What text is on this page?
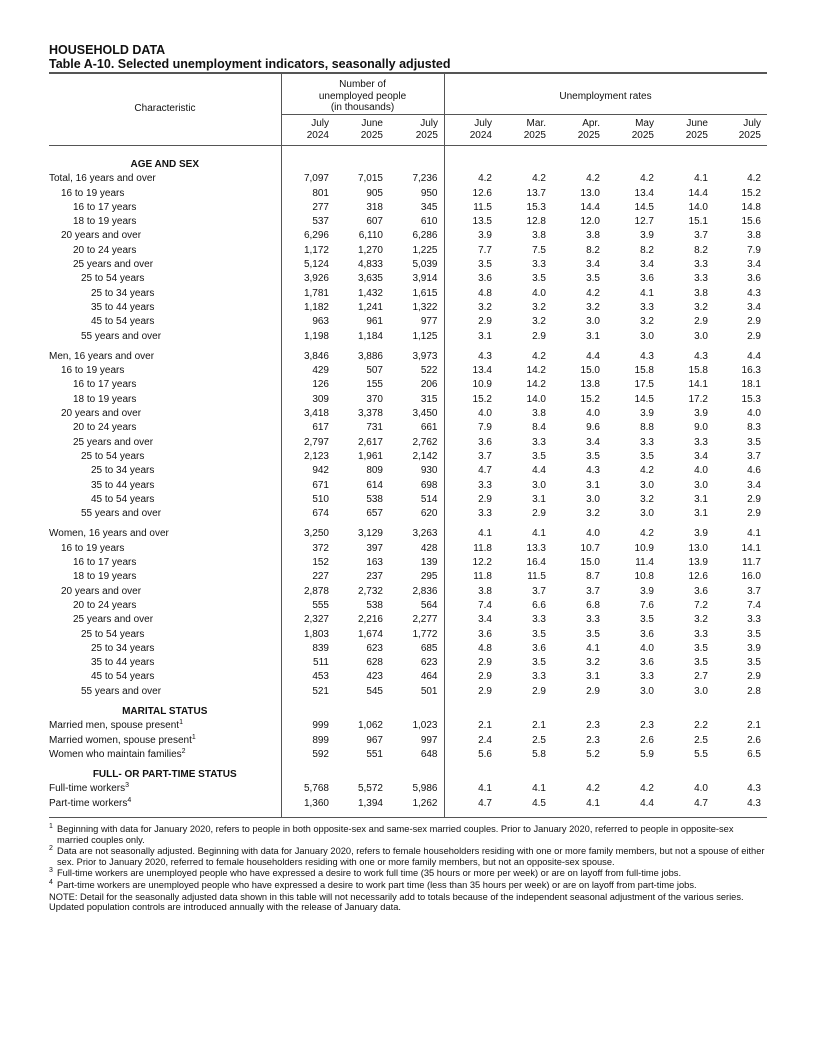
HOUSEHOLD DATA
Table A-10. Selected unemployment indicators, seasonally adjusted
Characteristic
Number of
unemployed people
(in thousands)
Unemployment rates
July
2024
June
2025
July
2025
July
2024
Mar.
2025
Apr.
2025
May
2025
June
2025
July
2025

AGE AND SEX									
Total, 16 years and over	7,097	7,015	7,236	4.2	4.2	4.2	4.2	4.1	4.2
16 to 19 years	801	905	950	12.6	13.7	13.0	13.4	14.4	15.2
16 to 17 years	277	318	345	11.5	15.3	14.4	14.5	14.0	14.8
18 to 19 years	537	607	610	13.5	12.8	12.0	12.7	15.1	15.6
20 years and over	6,296	6,110	6,286	3.9	3.8	3.8	3.9	3.7	3.8
20 to 24 years	1,172	1,270	1,225	7.7	7.5	8.2	8.2	8.2	7.9
25 years and over	5,124	4,833	5,039	3.5	3.3	3.4	3.4	3.3	3.4
25 to 54 years	3,926	3,635	3,914	3.6	3.5	3.5	3.6	3.3	3.6
25 to 34 years	1,781	1,432	1,615	4.8	4.0	4.2	4.1	3.8	4.3
35 to 44 years	1,182	1,241	1,322	3.2	3.2	3.2	3.3	3.2	3.4
45 to 54 years	963	961	977	2.9	3.2	3.0	3.2	2.9	2.9
55 years and over	1,198	1,184	1,125	3.1	2.9	3.1	3.0	3.0	2.9

Men, 16 years and over	3,846	3,886	3,973	4.3	4.2	4.4	4.3	4.3	4.4
16 to 19 years	429	507	522	13.4	14.2	15.0	15.8	15.8	16.3
16 to 17 years	126	155	206	10.9	14.2	13.8	17.5	14.1	18.1
18 to 19 years	309	370	315	15.2	14.0	15.2	14.5	17.2	15.3
20 years and over	3,418	3,378	3,450	4.0	3.8	4.0	3.9	3.9	4.0
20 to 24 years	617	731	661	7.9	8.4	9.6	8.8	9.0	8.3
25 years and over	2,797	2,617	2,762	3.6	3.3	3.4	3.3	3.3	3.5
25 to 54 years	2,123	1,961	2,142	3.7	3.5	3.5	3.5	3.4	3.7
25 to 34 years	942	809	930	4.7	4.4	4.3	4.2	4.0	4.6
35 to 44 years	671	614	698	3.3	3.0	3.1	3.0	3.0	3.4
45 to 54 years	510	538	514	2.9	3.1	3.0	3.2	3.1	2.9
55 years and over	674	657	620	3.3	2.9	3.2	3.0	3.1	2.9

Women, 16 years and over	3,250	3,129	3,263	4.1	4.1	4.0	4.2	3.9	4.1
16 to 19 years	372	397	428	11.8	13.3	10.7	10.9	13.0	14.1
16 to 17 years	152	163	139	12.2	16.4	15.0	11.4	13.9	11.7
18 to 19 years	227	237	295	11.8	11.5	8.7	10.8	12.6	16.0
20 years and over	2,878	2,732	2,836	3.8	3.7	3.7	3.9	3.6	3.7
20 to 24 years	555	538	564	7.4	6.6	6.8	7.6	7.2	7.4
25 years and over	2,327	2,216	2,277	3.4	3.3	3.3	3.5	3.2	3.3
25 to 54 years	1,803	1,674	1,772	3.6	3.5	3.5	3.6	3.3	3.5
25 to 34 years	839	623	685	4.8	3.6	4.1	4.0	3.5	3.9
35 to 44 years	511	628	623	2.9	3.5	3.2	3.6	3.5	3.5
45 to 54 years	453	423	464	2.9	3.3	3.1	3.3	2.7	2.9
55 years and over	521	545	501	2.9	2.9	2.9	3.0	3.0	2.8

MARITAL STATUS									
Married men, spouse present$^1$	999	1,062	1,023	2.1	2.1	2.3	2.3	2.2	2.1
Married women, spouse present$^1$	899	967	997	2.4	2.5	2.3	2.6	2.5	2.6
Women who maintain families$^2$	592	551	648	5.6	5.8	5.2	5.9	5.5	6.5

FULL- OR PART-TIME STATUS									
Full-time workers$^3$	5,768	5,572	5,986	4.1	4.1	4.2	4.2	4.0	4.3
Part-time workers$^4$	1,360	1,394	1,262	4.7	4.5	4.1	4.4	4.7	4.3

1 Beginning with data for January 2020, refers to people in both opposite-sex and same-sex married couples. Prior to January 2020, referred to people in opposite-sex married couples only.
2 Data are not seasonally adjusted. Beginning with data for January 2020, refers to female householders residing with one or more family members, but not a spouse of either sex. Prior to January 2020, referred to female householders residing with one or more family members, but not an opposite-sex spouse.
3 Full-time workers are unemployed people who have expressed a desire to work full time (35 hours or more per week) or are on layoff from full-time jobs.
4 Part-time workers are unemployed people who have expressed a desire to work part time (less than 35 hours per week) or are on layoff from part-time jobs.
NOTE: Detail for the seasonally adjusted data shown in this table will not necessarily add to totals because of the independent seasonal adjustment of the various series. Updated population controls are introduced annually with the release of January data.
